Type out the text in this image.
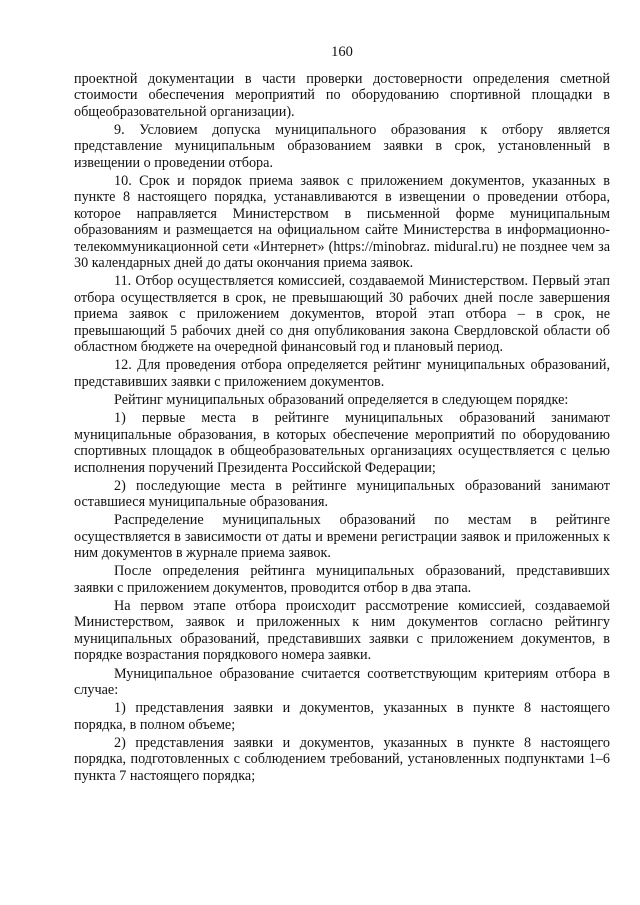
160

проектной документации в части проверки достоверности определения сметной стоимости обеспечения мероприятий по оборудованию спортивной площадки в общеобразовательной организации).

9. Условием допуска муниципального образования к отбору является представление муниципальным образованием заявки в срок, установленный в извещении о проведении отбора.

10. Срок и порядок приема заявок с приложением документов, указанных в пункте 8 настоящего порядка, устанавливаются в извещении о проведении отбора, которое направляется Министерством в письменной форме муниципальным образованиям и размещается на официальном сайте Министерства в информационно-телекоммуникационной сети «Интернет» (https://minobraz. midural.ru) не позднее чем за 30 календарных дней до даты окончания приема заявок.

11. Отбор осуществляется комиссией, создаваемой Министерством. Первый этап отбора осуществляется в срок, не превышающий 30 рабочих дней после завершения приема заявок с приложением документов, второй этап отбора – в срок, не превышающий 5 рабочих дней со дня опубликования закона Свердловской области об областном бюджете на очередной финансовый год и плановый период.

12. Для проведения отбора определяется рейтинг муниципальных образований, представивших заявки с приложением документов.

Рейтинг муниципальных образований определяется в следующем порядке:

1) первые места в рейтинге муниципальных образований занимают муниципальные образования, в которых обеспечение мероприятий по оборудованию спортивных площадок в общеобразовательных организациях осуществляется с целью исполнения поручений Президента Российской Федерации;

2) последующие места в рейтинге муниципальных образований занимают оставшиеся муниципальные образования.

Распределение муниципальных образований по местам в рейтинге осуществляется в зависимости от даты и времени регистрации заявок и приложенных к ним документов в журнале приема заявок.

После определения рейтинга муниципальных образований, представивших заявки с приложением документов, проводится отбор в два этапа.

На первом этапе отбора происходит рассмотрение комиссией, создаваемой Министерством, заявок и приложенных к ним документов согласно рейтингу муниципальных образований, представивших заявки с приложением документов, в порядке возрастания порядкового номера заявки.

Муниципальное образование считается соответствующим критериям отбора в случае:

1) представления заявки и документов, указанных в пункте 8 настоящего порядка, в полном объеме;

2) представления заявки и документов, указанных в пункте 8 настоящего порядка, подготовленных с соблюдением требований, установленных подпунктами 1–6 пункта 7 настоящего порядка;
